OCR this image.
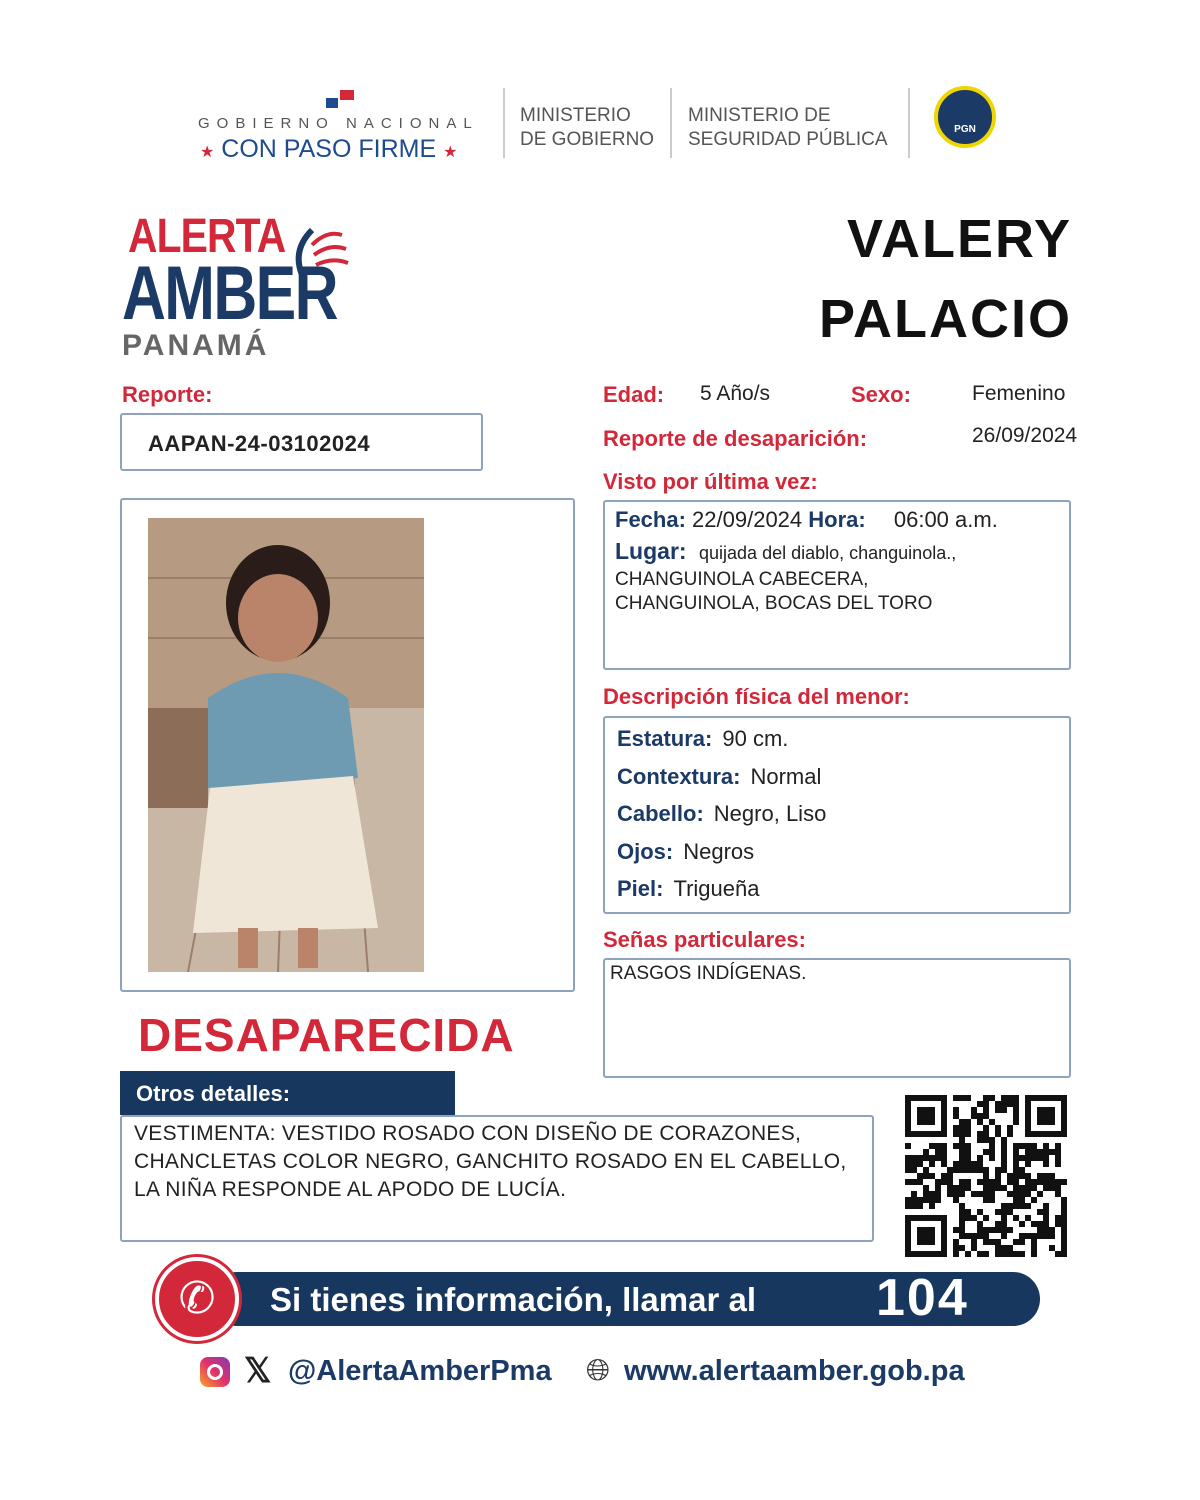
GOBIERNO NACIONAL
★ CON PASO FIRME ★
MINISTERIO
DE GOBIERNO
MINISTERIO DE
SEGURIDAD PÚBLICA	PGN
ALERTA
AMBER
PANAMÁ
VALERY
PALACIO
Reporte:
AAPAN-24-03102024
Edad: 5 Año/s	Sexo:	Femenino
Reporte de desaparición:	26/09/2024
Visto por última vez:
Fecha: 22/09/2024 Hora: 06:00 a.m.
Lugar: quijada del diablo, changuinola.,
CHANGUINOLA CABECERA,
CHANGUINOLA, BOCAS DEL TORO
Descripción física del menor:
Estatura: 90 cm.
Contextura: Normal
Cabello: Negro, Liso
Ojos: Negros
Piel: Trigueña
Señas particulares:
RASGOS INDÍGENAS.
DESAPARECIDA
Otros detalles:
VESTIMENTA: VESTIDO ROSADO CON DISEÑO DE CORAZONES, CHANCLETAS COLOR NEGRO, GANCHITO ROSADO EN EL CABELLO, LA NIÑA RESPONDE AL APODO DE LUCÍA.
Si tienes información, llamar al 104
✆
𝕏 @AlertaAmberPma 🌐︎ www.alertaamber.gob.pa
